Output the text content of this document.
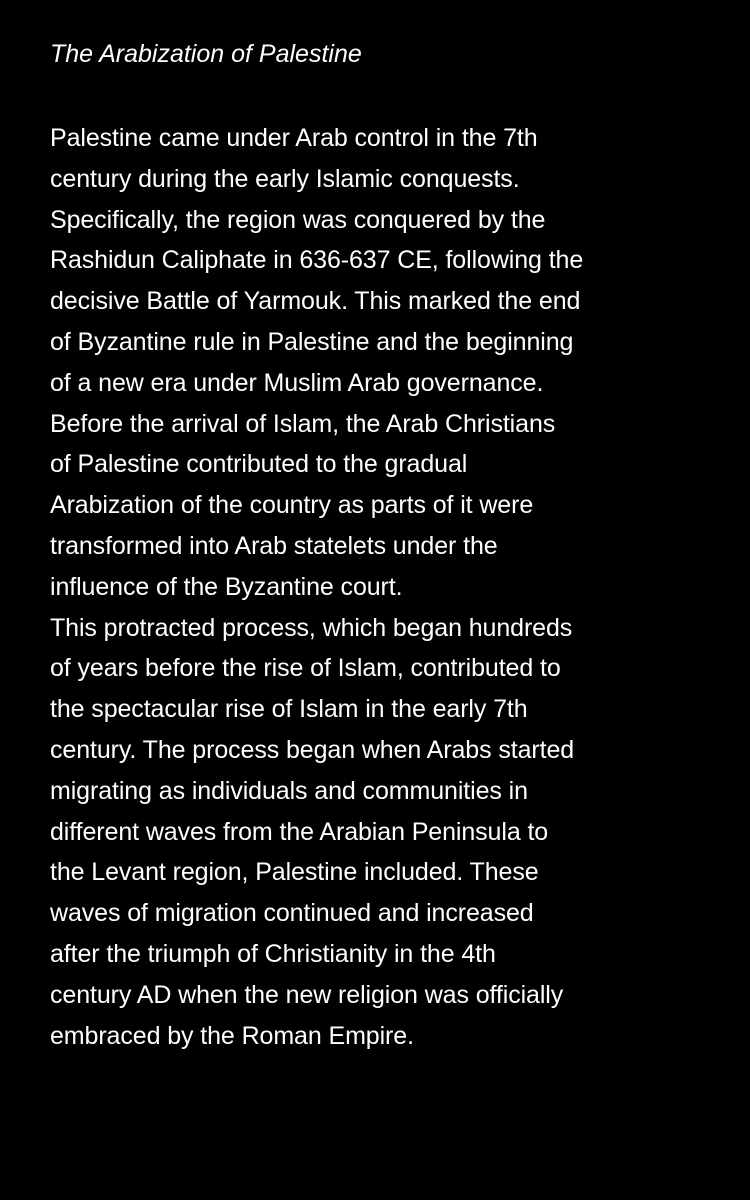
The Arabization of Palestine
Palestine came under Arab control in the 7th
century during the early Islamic conquests.
Specifically, the region was conquered by the
Rashidun Caliphate in 636-637 CE, following the
decisive Battle of Yarmouk. This marked the end
of Byzantine rule in Palestine and the beginning
of a new era under Muslim Arab governance.
Before the arrival of Islam, the Arab Christians
of Palestine contributed to the gradual
Arabization of the country as parts of it were
transformed into Arab statelets under the
influence of the Byzantine court.
This protracted process, which began hundreds
of years before the rise of Islam, contributed to
the spectacular rise of Islam in the early 7th
century. The process began when Arabs started
migrating as individuals and communities in
different waves from the Arabian Peninsula to
the Levant region, Palestine included. These
waves of migration continued and increased
after the triumph of Christianity in the 4th
century AD when the new religion was officially
embraced by the Roman Empire.
